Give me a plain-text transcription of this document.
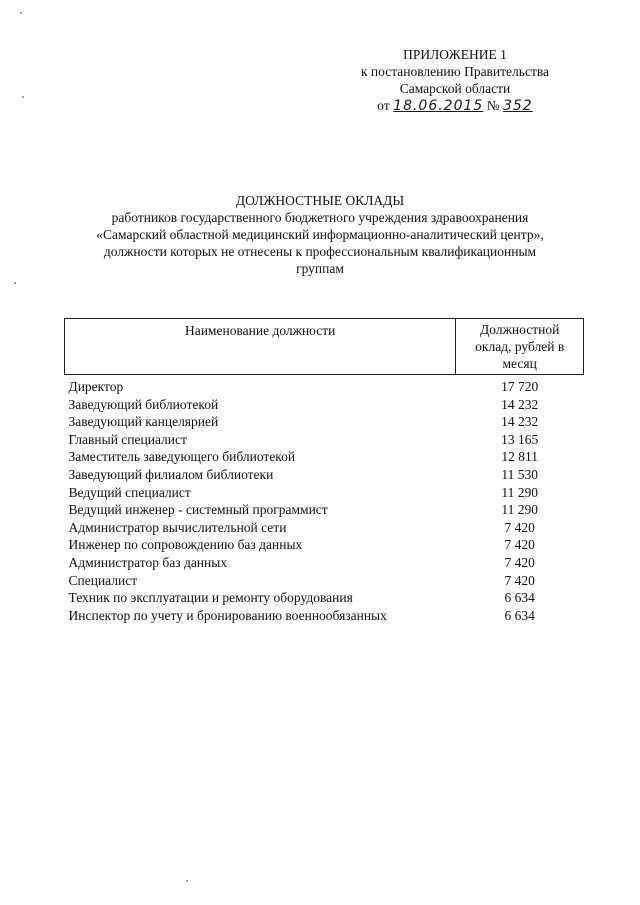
ПРИЛОЖЕНИЕ 1
к постановлению Правительства
Самарской области
от 18.06.2015 № 352
ДОЛЖНОСТНЫЕ ОКЛАДЫ
работников государственного бюджетного учреждения здравоохранения
«Самарский областной медицинский информационно-аналитический центр»,
должности которых не отнесены к профессиональным квалификационным
группам
Наименование должности	Должностной
оклад, рублей в
месяц

Директор	17 720
Заведующий библиотекой	14 232
Заведующий канцелярией	14 232
Главный специалист	13 165
Заместитель заведующего библиотекой	12 811
Заведующий филиалом библиотеки	11 530
Ведущий специалист	11 290
Ведущий инженер - системный программист	11 290
Администратор вычислительной сети	7 420
Инженер по сопровождению баз данных	7 420
Администратор баз данных	7 420
Специалист	7 420
Техник по эксплуатации и ремонту оборудования	6 634
Инспектор по учету и бронированию военнообязанных	6 634
